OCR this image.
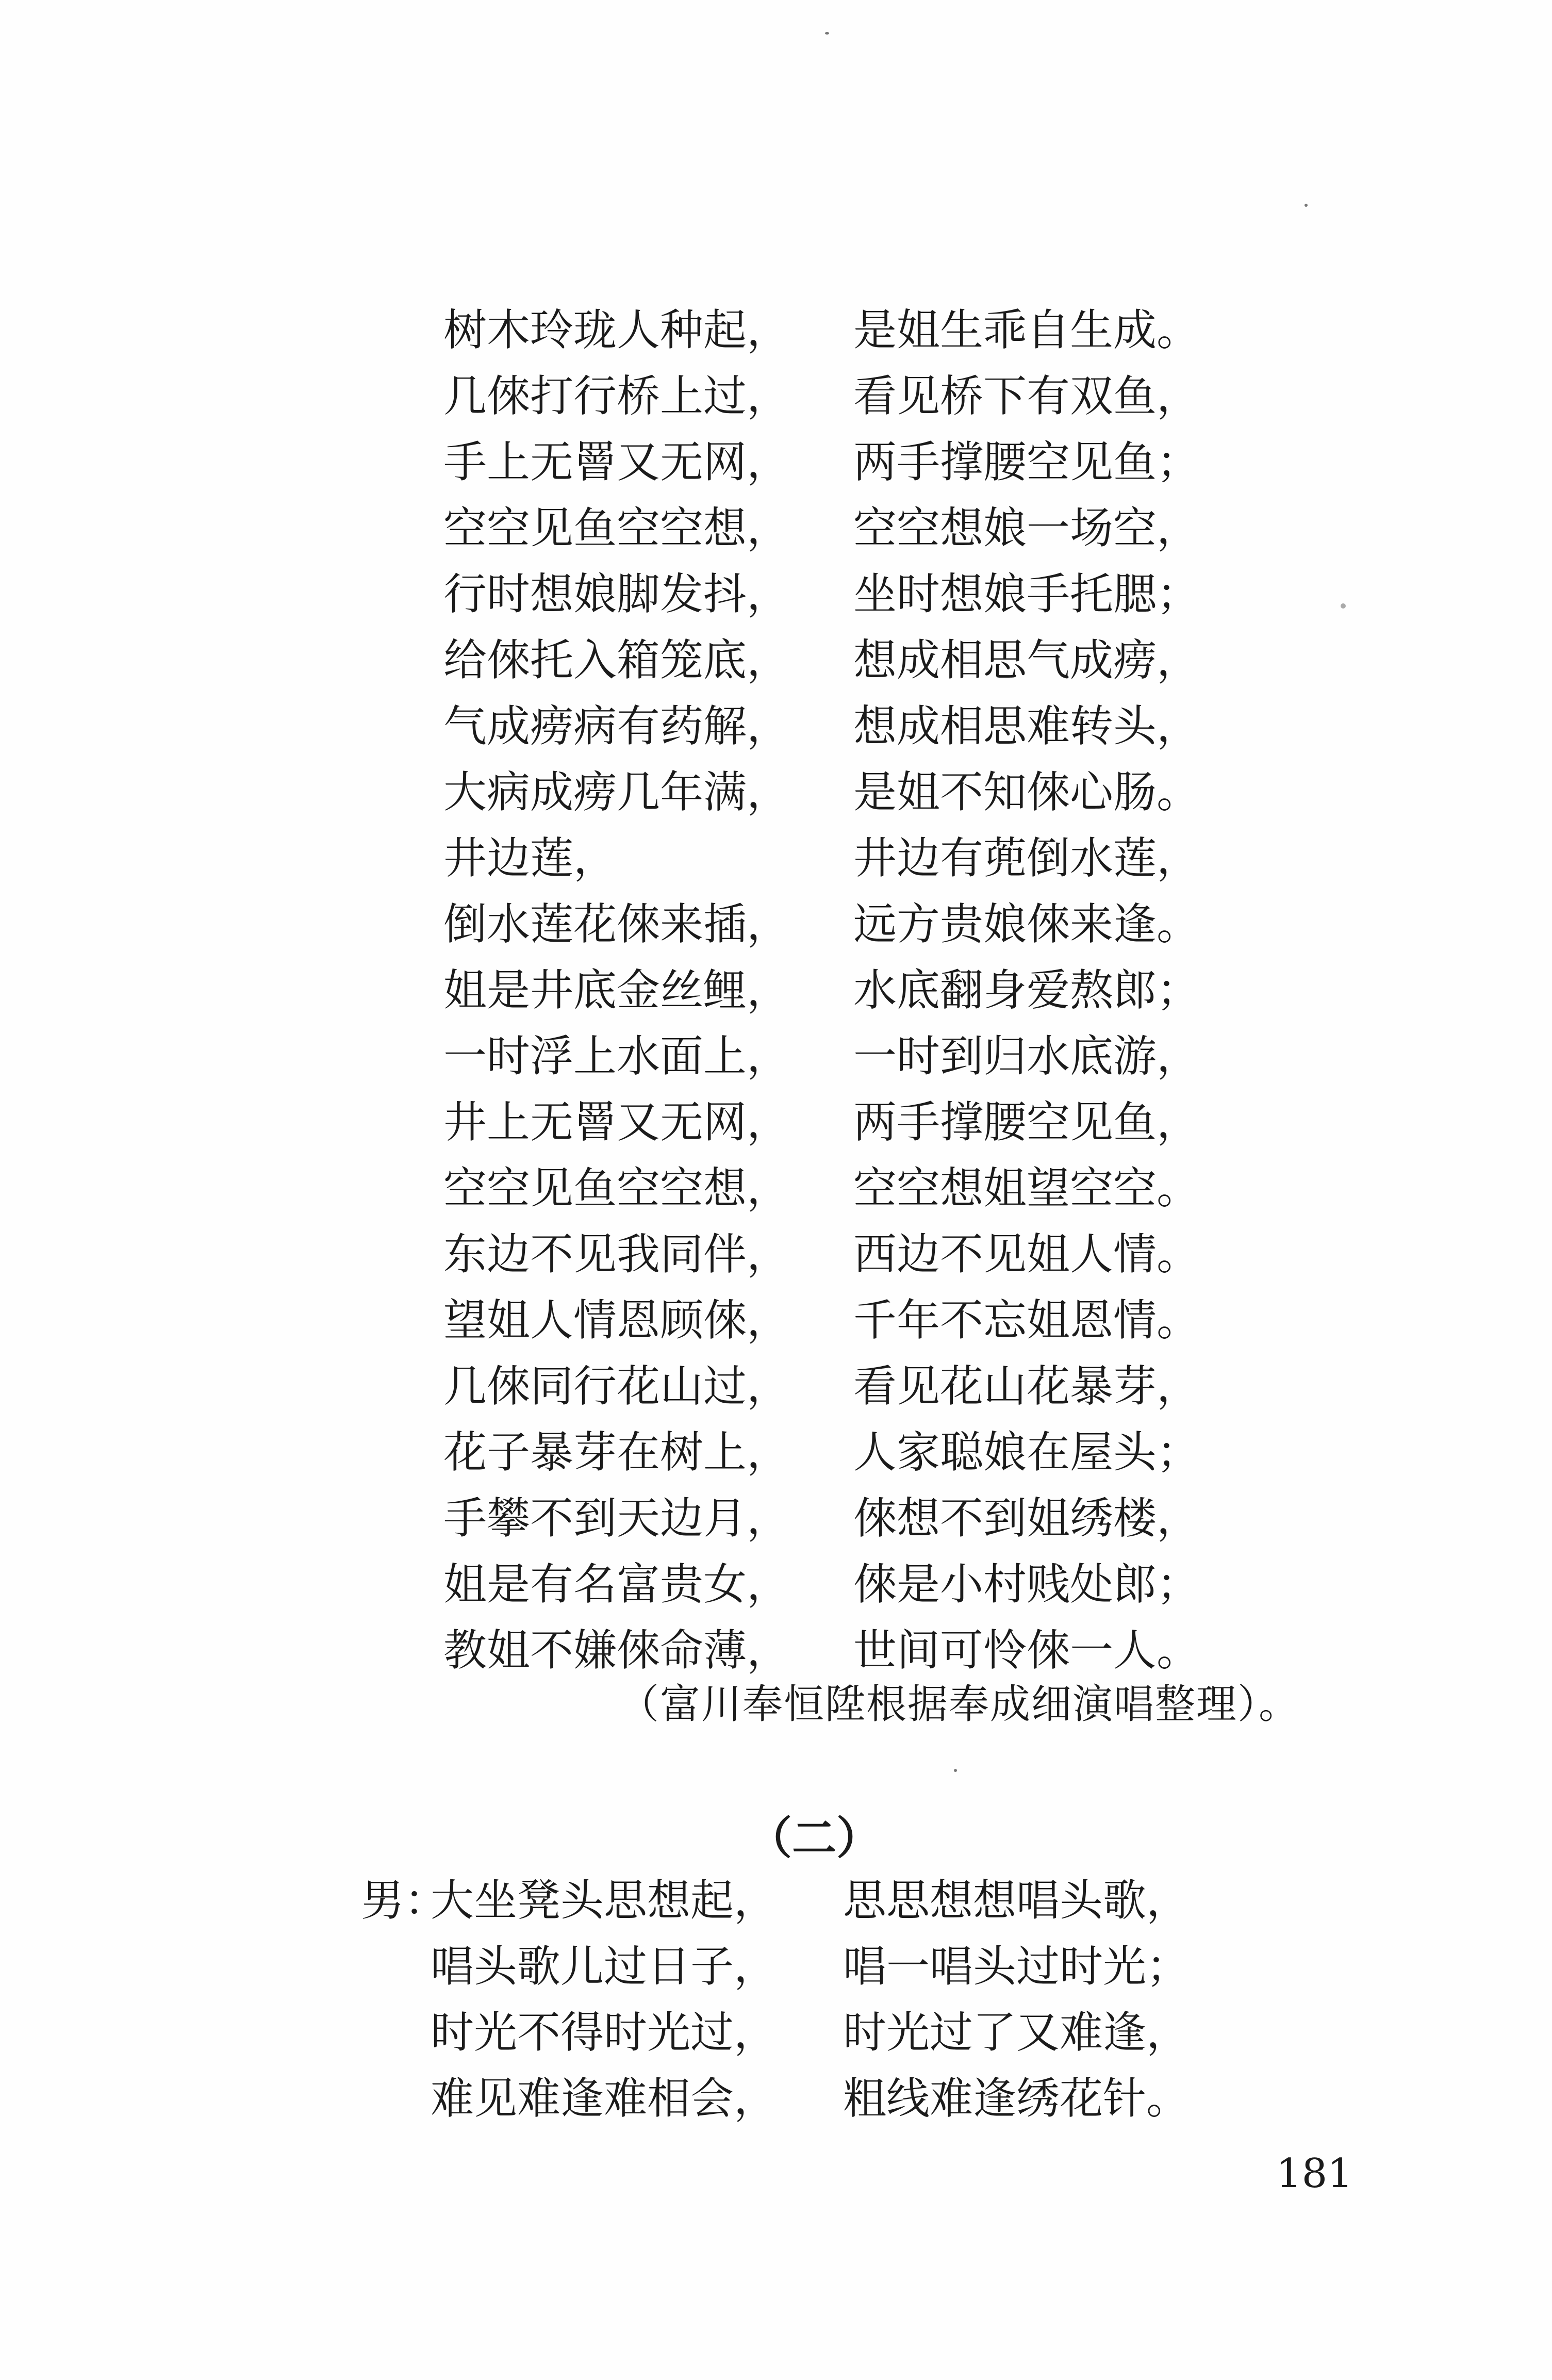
树木玲珑人种起， 是姐生乖自生成。
几倈打行桥上过， 看见桥下有双鱼，
手上无罾又无网， 两手撑腰空见鱼；
空空见鱼空空想， 空空想娘一场空，
行时想娘脚发抖， 坐时想娘手托腮；
给倈托入箱笼底， 想成相思气成痨，
气成痨病有药解， 想成相思难转头，
大病成痨几年满， 是姐不知倈心肠。
井边莲，	井边有蔸倒水莲，
倒水莲花倈来插， 远方贵娘倈来逢。
姐是井底金丝鲤， 水底翻身爱熬郎；
一时浮上水面上， 一时到归水底游，
井上无罾又无网， 两手撑腰空见鱼，
空空见鱼空空想， 空空想姐望空空。
东边不见我同伴， 西边不见姐人情。
望姐人情恩顾倈， 千年不忘姐恩情。
几倈同行花山过， 看见花山花暴芽，
花子暴芽在树上， 人家聪娘在屋头；
手攀不到天边月， 倈想不到姐绣楼，
姐是有名富贵女， 倈是小村贱处郎；
教姐不嫌倈命薄， 世间可怜倈一人。
（富川奉恒陞根据奉成细演唱整理）。
（二）
男：
大坐凳头思想起， 思思想想唱头歌，
唱头歌儿过日子， 唱一唱头过时光；
时光不得时光过， 时光过了又难逢，
难见难逢难相会， 粗线难逢绣花针。
181
